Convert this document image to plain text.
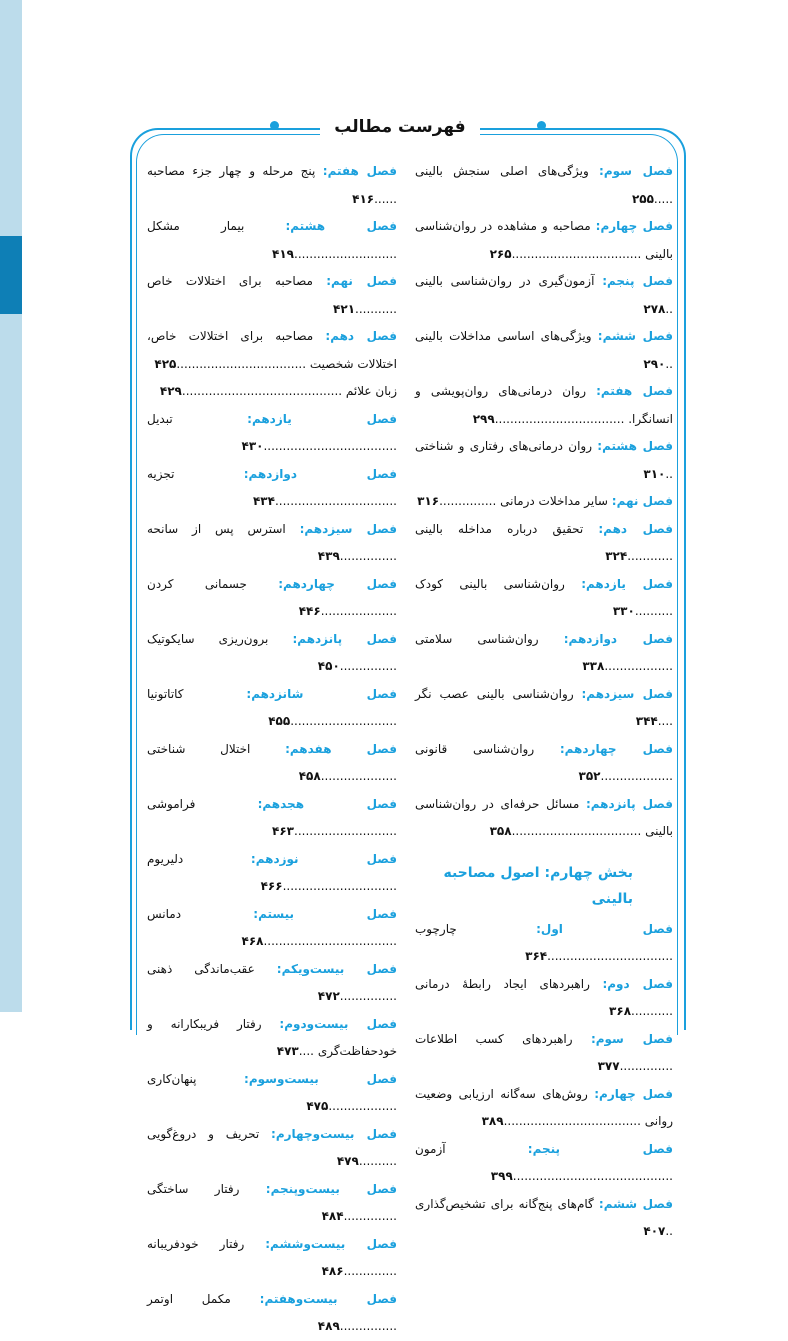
فهرست مطالب
فصل سوم: ویژگی‌های اصلی سنجش بالینی .....۲۵۵
فصل چهارم: مصاحبه و مشاهده در روان‌شناسی بالینی ..................................۲۶۵
فصل پنجم: آزمون‌گیری در روان‌شناسی بالینی ..۲۷۸
فصل ششم: ویژگی‌های اساسی مداخلات بالینی ..۲۹۰
فصل هفتم: روان درمانی‌های روان‌پویشی و انسانگرا. ..................................۲۹۹
فصل هشتم: روان درمانی‌های رفتاری و شناختی ..۳۱۰
فصل نهم: سایر مداخلات درمانی ...............۳۱۶
فصل دهم: تحقیق درباره مداخله بالینی ............۳۲۴
فصل یازدهم: روان‌شناسی بالینی کودک ..........۳۳۰
فصل دوازدهم: روان‌شناسی سلامتی ..................۳۳۸
فصل سیزدهم: روان‌شناسی بالینی عصب نگر ....۳۴۴
فصل چهاردهم: روان‌شناسی قانونی ...................۳۵۲
فصل پانزدهم: مسائل حرفه‌ای در روان‌شناسی بالینی ..................................۳۵۸
بخش چهارم: اصول مصاحبه بالینی
فصل اول: چارچوب .................................۳۶۴
فصل دوم: راهبردهای ایجاد رابطهٔ درمانی ...........۳۶۸
فصل سوم: راهبردهای کسب اطلاعات ..............۳۷۷
فصل چهارم: روش‌های سه‌گانه ارزیابی وضعیت روانی ....................................۳۸۹
فصل پنجم: آزمون ..........................................۳۹۹
فصل ششم: گام‌های پنج‌گانه برای تشخیص‌گذاری ..۴۰۷
فصل هفتم: پنج مرحله و چهار جزء مصاحبه ......۴۱۶
فصل هشتم: بیمار مشکل ...........................۴۱۹
فصل نهم: مصاحبه برای اختلالات خاص ...........۴۲۱
فصل دهم: مصاحبه برای اختلالات خاص، اختلالات شخصیت ..................................۴۲۵
زبان علائم ..........................................۴۲۹
فصل یازدهم: تبدیل ...................................۴۳۰
فصل دوازدهم: تجزیه ................................۴۳۴
فصل سیزدهم: استرس پس از سانحه ...............۴۳۹
فصل چهاردهم: جسمانی کردن ....................۴۴۶
فصل پانزدهم: برون‌ریزی سایکوتیک ...............۴۵۰
فصل شانزدهم: کاتاتونیا ............................۴۵۵
فصل هفدهم: اختلال شناختی ....................۴۵۸
فصل هجدهم: فراموشی ...........................۴۶۳
فصل نوزدهم: دلیریوم ..............................۴۶۶
فصل بیستم: دمانس ...................................۴۶۸
فصل بیست‌ویکم: عقب‌ماندگی ذهنی ...............۴۷۲
فصل بیست‌ودوم: رفتار فریبکارانه و خودحفاظت‌گری ....۴۷۳
فصل بیست‌وسوم: پنهان‌کاری ..................۴۷۵
فصل بیست‌وچهارم: تحریف و دروغ‌گویی ..........۴۷۹
فصل بیست‌وپنجم: رفتار ساختگی ..............۴۸۴
فصل بیست‌وششم: رفتار خودفریبانه ..............۴۸۶
فصل بیست‌وهفتم: مکمل اوتمر ...............۴۸۹
